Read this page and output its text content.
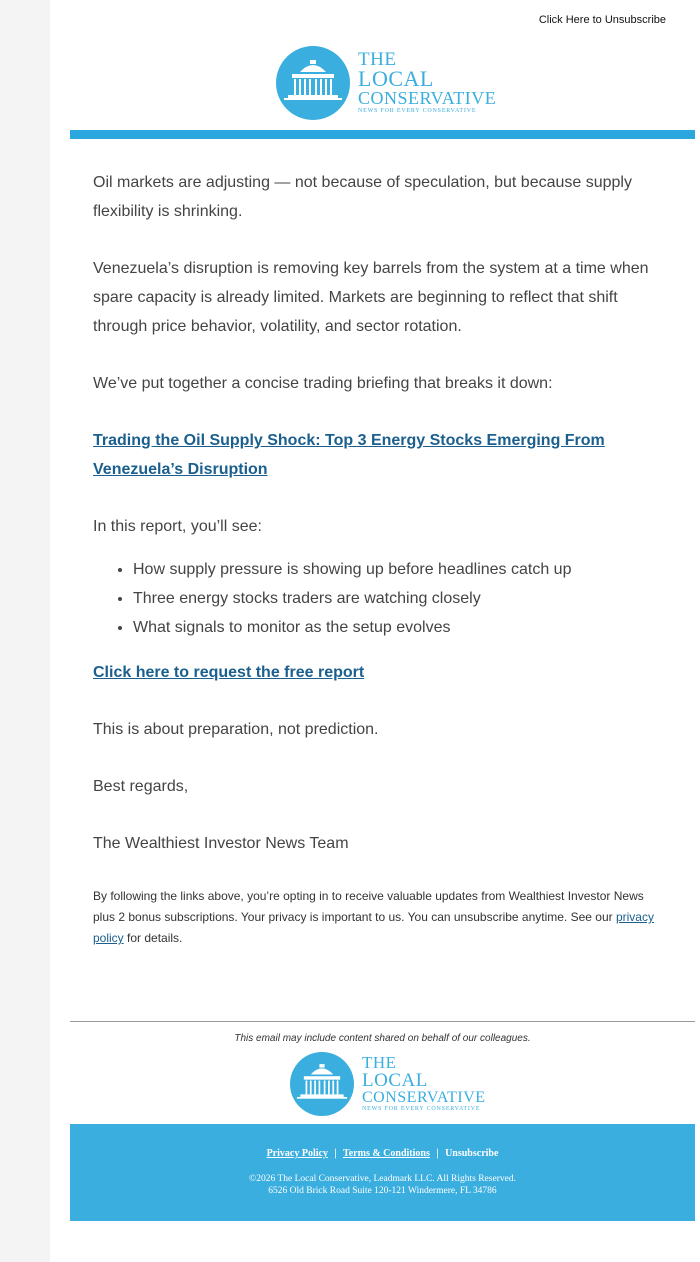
Click Here to Unsubscribe
THE
LOCAL
CONSERVATIVE
NEWS FOR EVERY CONSERVATIVE

Oil markets are adjusting — not because of speculation, but because supply flexibility is shrinking.

Venezuela’s disruption is removing key barrels from the system at a time when spare capacity is already limited. Markets are beginning to reflect that shift through price behavior, volatility, and sector rotation.

We’ve put together a concise trading briefing that breaks it down:

Trading the Oil Supply Shock: Top 3 Energy Stocks Emerging From Venezuela’s Disruption

In this report, you’ll see:

• How supply pressure is showing up before headlines catch up
• Three energy stocks traders are watching closely
• What signals to monitor as the setup evolves

Click here to request the free report

This is about preparation, not prediction.

Best regards,

The Wealthiest Investor News Team

By following the links above, you’re opting in to receive valuable updates from Wealthiest Investor News plus 2 bonus subscriptions. Your privacy is important to us. You can unsubscribe anytime. See our privacy policy for details.
This email may include content shared on behalf of our colleagues.
THE
LOCAL
CONSERVATIVE
NEWS FOR EVERY CONSERVATIVE
Privacy Policy | Terms & Conditions | Unsubscribe
©2026 The Local Conservative, Leadmark LLC. All Rights Reserved.
6526 Old Brick Road Suite 120-121 Windermere, FL 34786
